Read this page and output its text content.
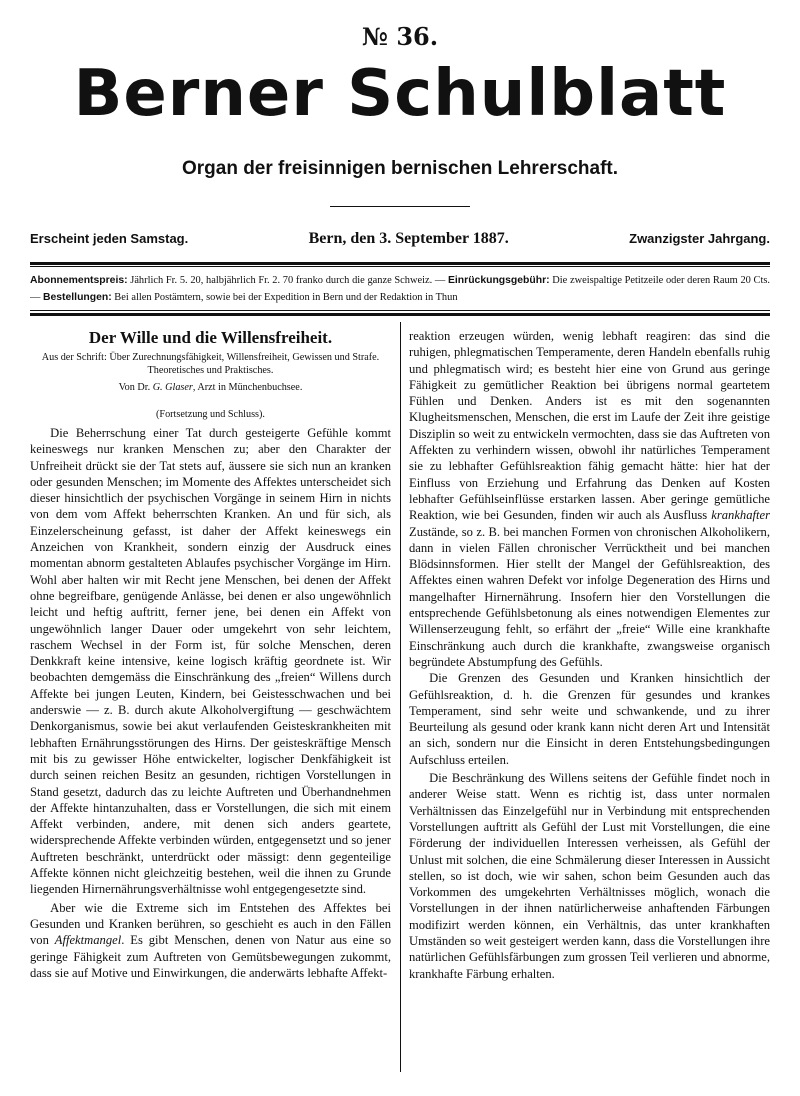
№ 36.
Berner Schulblatt
Organ der freisinnigen bernischen Lehrerschaft.
Erscheint jeden Samstag.	Bern, den 3. September 1887.	Zwanzigster Jahrgang.
Abonnementspreis: Jährlich Fr. 5. 20, halbjährlich Fr. 2. 70 franko durch die ganze Schweiz. — Einrückungsgebühr: Die zweispaltige Petitzeile oder deren Raum 20 Cts. — Bestellungen: Bei allen Postämtern, sowie bei der Expedition in Bern und der Redaktion in Thun
Der Wille und die Willensfreiheit.
Aus der Schrift: Über Zurechnungsfähigkeit, Willensfreiheit, Gewissen und Strafe. Theoretisches und Praktisches.
Von Dr. G. Glaser, Arzt in Münchenbuchsee.
(Fortsetzung und Schluss).

Die Beherrschung einer Tat durch gesteigerte Gefühle kommt keineswegs nur kranken Menschen zu; aber den Charakter der Unfreiheit drückt sie der Tat stets auf, äussere sie sich nun an kranken oder gesunden Menschen; im Momente des Affektes unterscheidet sich dieser hinsichtlich der psychischen Vorgänge in seinem Hirn in nichts von dem vom Affekt beherrschten Kranken. An und für sich, als Einzelerscheinung gefasst, ist daher der Affekt keineswegs ein Anzeichen von Krankheit, sondern einzig der Ausdruck eines momentan abnorm gestalteten Ablaufes psychischer Vorgänge im Hirn. Wohl aber halten wir mit Recht jene Menschen, bei denen der Affekt ohne begreifbare, genügende Anlässe, bei denen er also ungewöhnlich leicht und heftig auftritt, ferner jene, bei denen ein Affekt von ungewöhnlich langer Dauer oder umgekehrt von sehr leichtem, raschem Wechsel in der Form ist, für solche Menschen, deren Denkkraft keine intensive, keine logisch kräftig geordnete ist. Wir beobachten demgemäss die Einschränkung des „freien“ Willens durch Affekte bei jungen Leuten, Kindern, bei Geistesschwachen und bei anderswie — z. B. durch akute Alkoholvergiftung — geschwächtem Denkorganismus, sowie bei akut verlaufenden Geisteskrankheiten mit lebhaften Ernährungsstörungen des Hirns. Der geisteskräftige Mensch mit bis zu gewisser Höhe entwickelter, logischer Denkfähigkeit ist durch seinen reichen Besitz an gesunden, richtigen Vorstellungen in Stand gesetzt, dadurch das zu leichte Auftreten und Überhandnehmen der Affekte hintanzuhalten, dass er Vorstellungen, die sich mit einem Affekt verbinden, andere, mit denen sich anders geartete, widersprechende Affekte verbinden würden, entgegensetzt und so jener Auftreten beschränkt, unterdrückt oder mässigt: denn gegenteilige Affekte können nicht gleichzeitig bestehen, weil die ihnen zu Grunde liegenden Hirnernährungsverhältnisse wohl entgegengesetzte sind.

Aber wie die Extreme sich im Entstehen des Affektes bei Gesunden und Kranken berühren, so geschieht es auch in den Fällen von Affektmangel. Es gibt Menschen, denen von Natur aus eine so geringe Fähigkeit zum Auftreten von Gemütsbewegungen zukommt, dass sie auf Motive und Einwirkungen, die anderwärts lebhafte Affekt-

reaktion erzeugen würden, wenig lebhaft reagiren: das sind die ruhigen, phlegmatischen Temperamente, deren Handeln ebenfalls ruhig und phlegmatisch wird; es besteht hier eine von Grund aus geringe Fähigkeit zu gemütlicher Reaktion bei übrigens normal geartetem Fühlen und Denken. Anders ist es mit den sogenannten Klugheitsmenschen, Menschen, die erst im Laufe der Zeit ihre geistige Disziplin so weit zu entwickeln vermochten, dass sie das Auftreten von Affekten zu verhindern wissen, obwohl ihr natürliches Temperament sie zu lebhafter Gefühlsreaktion fähig gemacht hätte: hier hat der Einfluss von Erziehung und Erfahrung das Denken auf Kosten lebhafter Gefühlseinflüsse erstarken lassen. Aber geringe gemütliche Reaktion, wie bei Gesunden, finden wir auch als Ausfluss krankhafter Zustände, so z. B. bei manchen Formen von chronischen Alkoholikern, dann in vielen Fällen chronischer Verrücktheit und bei manchen Blödsinnsformen. Hier stellt der Mangel der Gefühlsreaktion, des Affektes einen wahren Defekt vor infolge Degeneration des Hirns und mangelhafter Hirnernährung. Insofern hier den Vorstellungen die entsprechende Gefühlsbetonung als eines notwendigen Elementes zur Willenserzeugung fehlt, so erfährt der „freie“ Wille eine krankhafte Einschränkung auch durch die krankhafte, zwangsweise organisch begründete Abstumpfung des Gefühls.

Die Grenzen des Gesunden und Kranken hinsichtlich der Gefühlsreaktion, d. h. die Grenzen für gesundes und krankes Temperament, sind sehr weite und schwankende, und zu ihrer Beurteilung als gesund oder krank kann nicht deren Art und Intensität an sich, sondern nur die Einsicht in deren Entstehungsbedingungen Aufschluss erteilen.

Die Beschränkung des Willens seitens der Gefühle findet noch in anderer Weise statt. Wenn es richtig ist, dass unter normalen Verhältnissen das Einzelgefühl nur in Verbindung mit entsprechenden Vorstellungen auftritt als Gefühl der Lust mit Vorstellungen, die eine Förderung der individuellen Interessen verheissen, als Gefühl der Unlust mit solchen, die eine Schmälerung dieser Interessen in Aussicht stellen, so ist doch, wie wir sahen, schon beim Gesunden auch das Vorkommen des umgekehrten Verhältnisses möglich, wonach die Vorstellungen in der ihnen natürlicherweise anhaftenden Färbungen modifizirt werden können, ein Verhältnis, das unter krankhaften Umständen so weit gesteigert werden kann, dass die Vorstellungen ihre natürlichen Gefühlsfärbungen zum grossen Teil verlieren und abnorme, krankhafte Färbung erhalten.
